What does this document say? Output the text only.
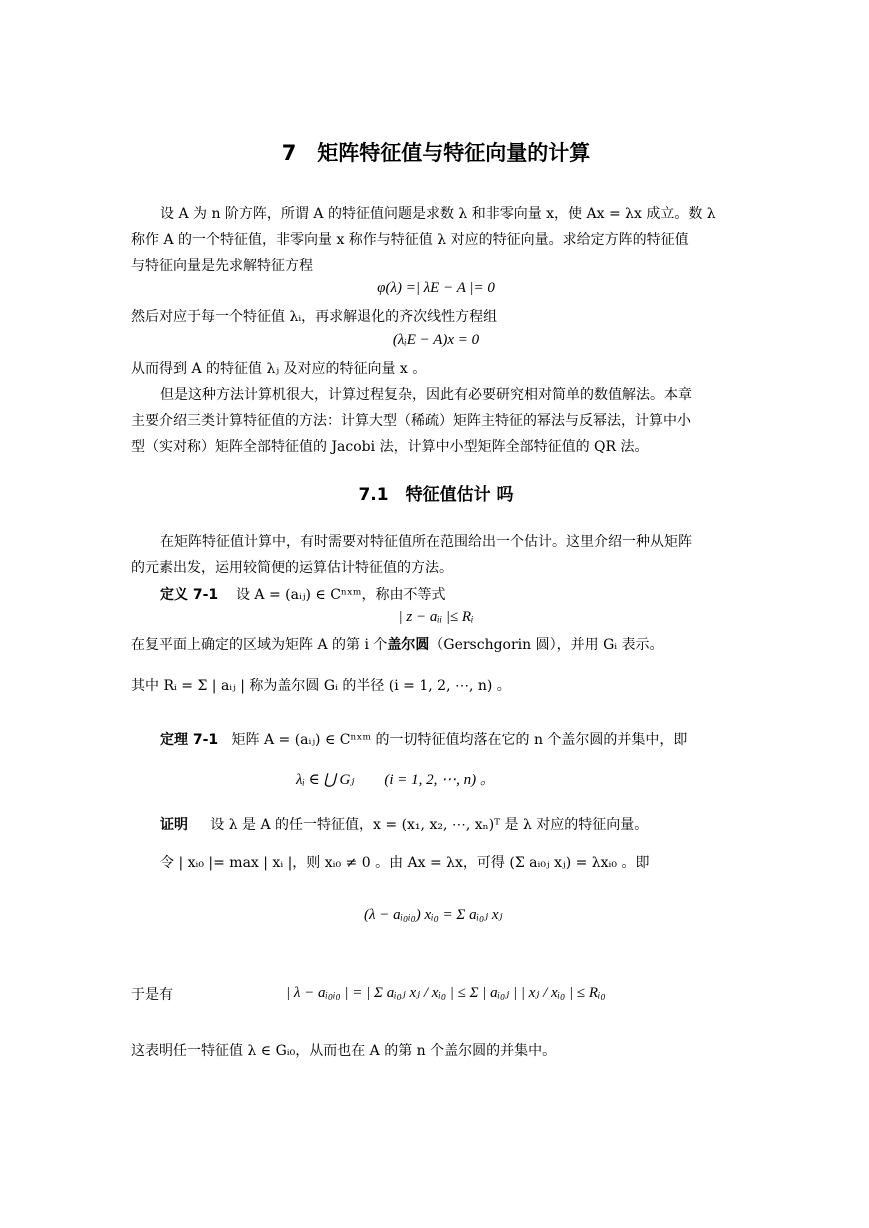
7　矩阵特征值与特征向量的计算
设 A 为 n 阶方阵，所谓 A 的特征值问题是求数 λ 和非零向量 x，使 Ax = λx 成立。数 λ
称作 A 的一个特征值，非零向量 x 称作与特征值 λ 对应的特征向量。求给定方阵的特征值
与特征向量是先求解特征方程
φ(λ) =| λE − A |= 0
然后对应于每一个特征值 λᵢ，再求解退化的齐次线性方程组
(λᵢE − A)x = 0
从而得到 A 的特征值 λⱼ 及对应的特征向量 x 。
但是这种方法计算机很大，计算过程复杂，因此有必要研究相对简单的数值解法。本章
主要介绍三类计算特征值的方法：计算大型（稀疏）矩阵主特征的幂法与反幂法，计算中小
型（实对称）矩阵全部特征值的 Jacobi 法，计算中小型矩阵全部特征值的 QR 法。
7.1　特征值估计 吗
在矩阵特征值计算中，有时需要对特征值所在范围给出一个估计。这里介绍一种从矩阵
的元素出发，运用较简便的运算估计特征值的方法。
定义 7-1 设 A = (aᵢⱼ) ∈ Cⁿˣᵐ，称由不等式
| z − aᵢᵢ |≤ Rᵢ
在复平面上确定的区域为矩阵 A 的第 i 个盖尔圆（Gerschgorin 圆），并用 Gᵢ 表示。
其中 Rᵢ = Σ | aᵢⱼ | 称为盖尔圆 Gᵢ 的半径 (i = 1, 2, ⋯, n) 。
定理 7-1 矩阵 A = (aᵢⱼ) ∈ Cⁿˣᵐ 的一切特征值均落在它的 n 个盖尔圆的并集中，即
λᵢ ∈ ⋃ Gⱼ　　(i = 1, 2, ⋯, n) 。
证明 设 λ 是 A 的任一特征值，x = (x₁, x₂, ⋯, xₙ)ᵀ 是 λ 对应的特征向量。
令 | xᵢ₀ |= max | xᵢ |，则 xᵢ₀ ≠ 0 。由 Ax = λx，可得 (Σ aᵢ₀ⱼ xⱼ) = λxᵢ₀ 。即
(λ − aᵢ₀ᵢ₀) xᵢ₀ = Σ aᵢ₀ⱼ xⱼ
于是有	| λ − aᵢ₀ᵢ₀ | = | Σ aᵢ₀ⱼ xⱼ / xᵢ₀ | ≤ Σ | aᵢ₀ⱼ | | xⱼ / xᵢ₀ | ≤ Rᵢ₀
这表明任一特征值 λ ∈ Gᵢ₀，从而也在 A 的第 n 个盖尔圆的并集中。
